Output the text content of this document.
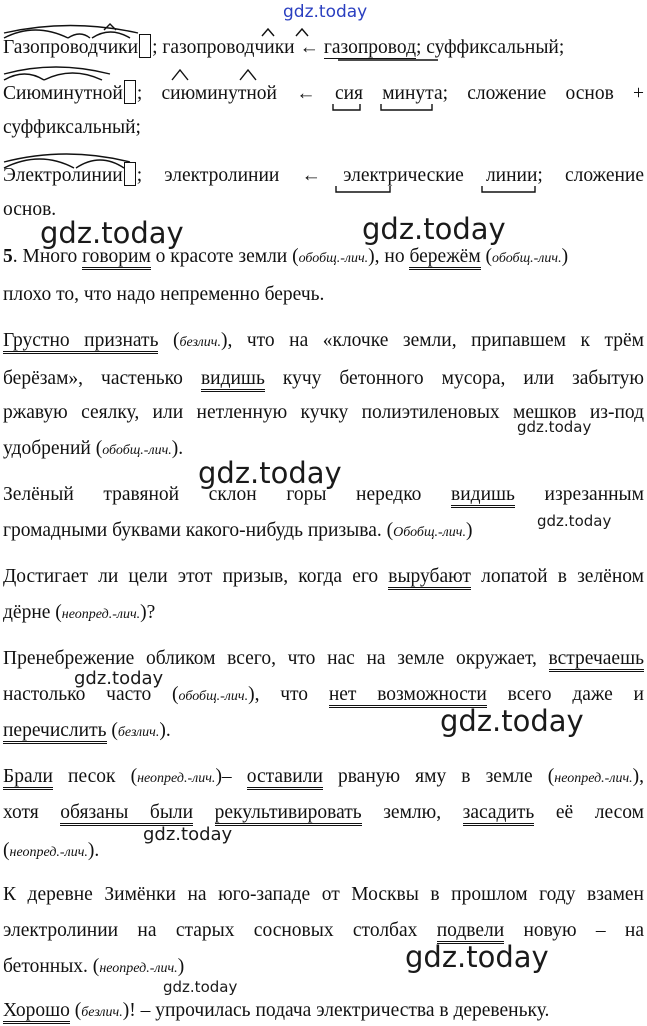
gdz.today
Газопроводчики ; газопроводчики ← газопровод; суффиксальный;
Сиюминутной ; сиюминутной ← сия минута; сложение основ +
суффиксальный;
Электролинии ; электролинии ← электрические линии; сложение
основ.
gdz.today	gdz.today
5. Много говорим о красоте земли (обобщ.-лич.), но бережём (обобщ.-лич.)
плохо то, что надо непременно беречь.
Грустно признать (безлич.), что на «клочке земли, припавшем к трём
берёзам», частенько видишь кучу бетонного мусора, или забытую
ржавую сеялку, или нетленную кучку полиэтиленовых мешков из-под
gdz.today
удобрений (обобщ.-лич.).
gdz.today
Зелёный травяной склон горы нередко видишь изрезанным
громадными буквами какого-нибудь призыва. (Обобщ.-лич.)	gdz.today
Достигает ли цели этот призыв, когда его вырубают лопатой в зелёном
дёрне (неопред.-лич.)?
Пренебрежение обликом всего, что нас на земле окружает, встречаешь
gdz.today
настолько часто (обобщ.-лич.), что нет возможности всего даже и
gdz.today
перечислить (безлич.).
Брали песок (неопред.-лич.)– оставили рваную яму в земле (неопред.-лич.),
хотя обязаны были рекультивировать землю, засадить её лесом
gdz.today
(неопред.-лич.).
К деревне Зимёнки на юго-западе от Москвы в прошлом году взамен
электролинии на старых сосновых столбах подвели новую – на
gdz.today
бетонных. (неопред.-лич.)
gdz.today
Хорошо (безлич.)! – упрочилась подача электричества в деревеньку.
